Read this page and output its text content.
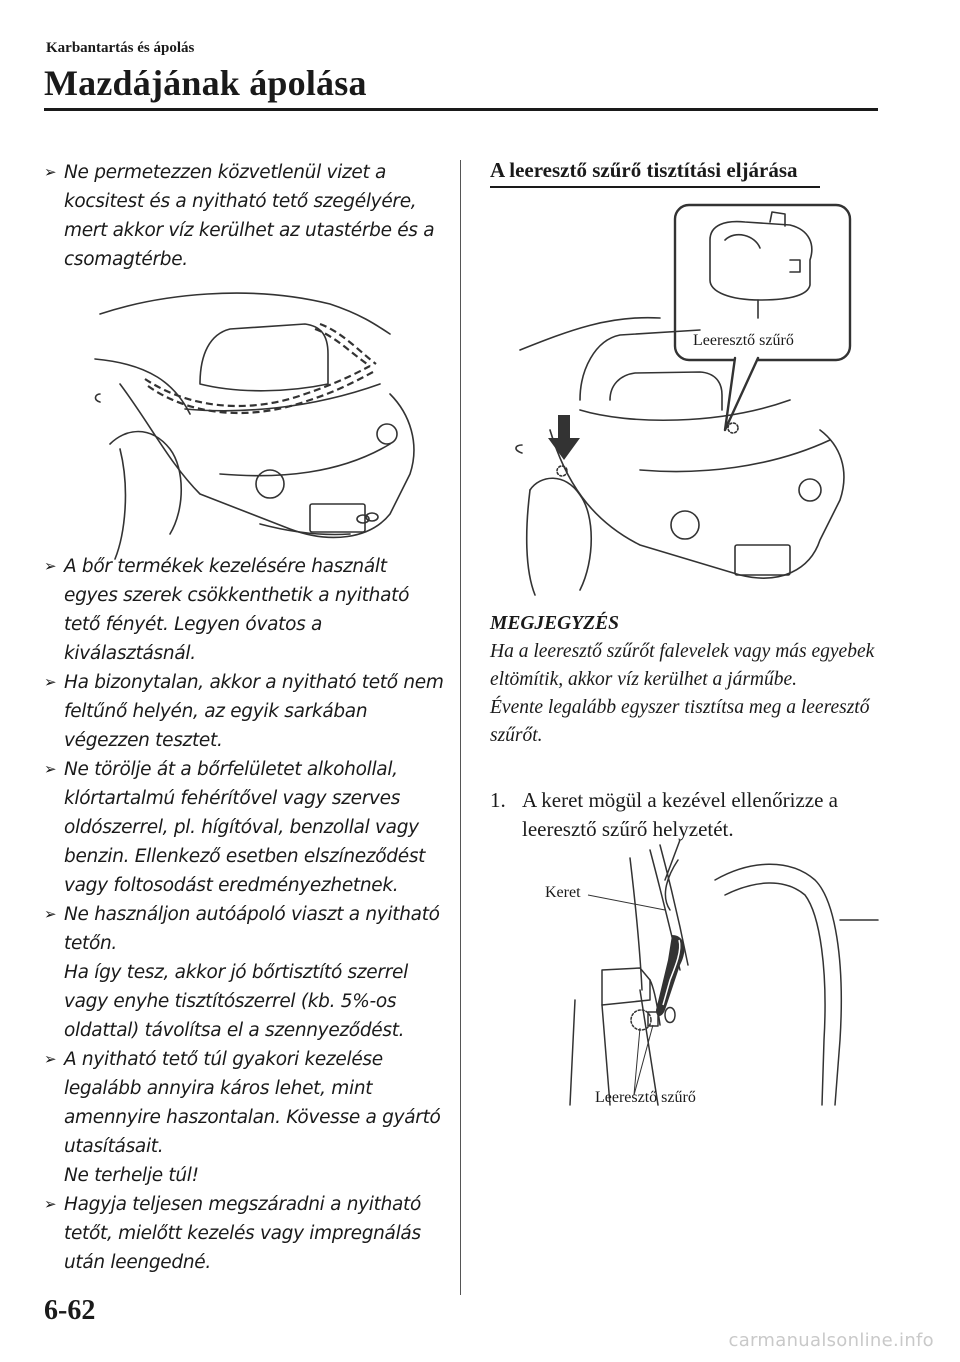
Karbantartás és ápolás
Mazdájának ápolása
➢ Ne permetezzen közvetlenül vizet a kocsitest és a nyitható tető szegélyére, mert akkor víz kerülhet az utastérbe és a csomagtérbe.

➢ A bőr termékek kezelésére használt egyes szerek csökkenthetik a nyitható tető fényét. Legyen óvatos a kiválasztásnál.

➢ Ha bizonytalan, akkor a nyitható tető nem feltűnő helyén, az egyik sarkában végezzen tesztet.

➢ Ne törölje át a bőrfelületet alkohollal, klórtartalmú fehérítővel vagy szerves oldószerrel, pl. hígítóval, benzollal vagy benzin. Ellenkező esetben elszíneződést vagy foltosodást eredményezhetnek.

➢ Ne használjon autóápoló viaszt a nyitható tetőn.

Ha így tesz, akkor jó bőrtisztító szerrel vagy enyhe tisztítószerrel (kb. 5%-os oldattal) távolítsa el a szennyeződést.

➢ A nyitható tető túl gyakori kezelése legalább annyira káros lehet, mint amennyire haszontalan. Kövesse a gyártó utasításait.

Ne terhelje túl!

➢ Hagyja teljesen megszáradni a nyitható tetőt, mielőtt kezelés vagy impregnálás után leengedné.

A leeresztő szűrő tisztítási eljárása
Leeresztő szűrő

MEGJEGYZÉS

Ha a leeresztő szűrőt falevelek vagy más egyebek eltömítik, akkor víz kerülhet a járműbe.

Évente legalább egyszer tisztítsa meg a leeresztő szűrőt.

1. A keret mögül a kezével ellenőrizze a leeresztő szűrő helyzetét.
Keret
Leeresztő szűrő
6-62
carmanualsonline.info
